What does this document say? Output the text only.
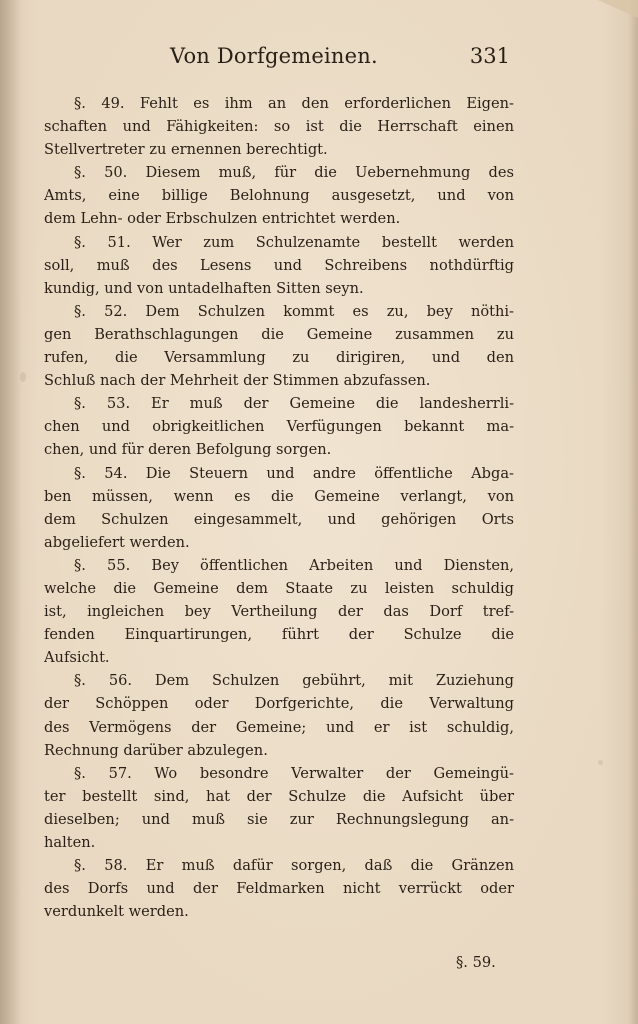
Von Dorfgemeinen.	331
§. 49. Fehlt es ihm an den erforderlichen Eigen-
schaften und Fähigkeiten: so ist die Herrschaft einen
Stellvertreter zu ernennen berechtigt.
§. 50. Diesem muß, für die Uebernehmung des
Amts, eine billige Belohnung ausgesetzt, und von
dem Lehn- oder Erbschulzen entrichtet werden.
§. 51. Wer zum Schulzenamte bestellt werden
soll, muß des Lesens und Schreibens nothdürftig
kundig, und von untadelhaften Sitten seyn.
§. 52. Dem Schulzen kommt es zu, bey nöthi-
gen Berathschlagungen die Gemeine zusammen zu
rufen, die Versammlung zu dirigiren, und den
Schluß nach der Mehrheit der Stimmen abzufassen.
§. 53. Er muß der Gemeine die landesherrli-
chen und obrigkeitlichen Verfügungen bekannt ma-
chen, und für deren Befolgung sorgen.
§. 54. Die Steuern und andre öffentliche Abga-
ben müssen, wenn es die Gemeine verlangt, von
dem Schulzen eingesammelt, und gehörigen Orts
abgeliefert werden.
§. 55. Bey öffentlichen Arbeiten und Diensten,
welche die Gemeine dem Staate zu leisten schuldig
ist, ingleichen bey Vertheilung der das Dorf tref-
fenden Einquartirungen, führt der Schulze die
Aufsicht.
§. 56. Dem Schulzen gebührt, mit Zuziehung
der Schöppen oder Dorfgerichte, die Verwaltung
des Vermögens der Gemeine; und er ist schuldig,
Rechnung darüber abzulegen.
§. 57. Wo besondre Verwalter der Gemeingü-
ter bestellt sind, hat der Schulze die Aufsicht über
dieselben; und muß sie zur Rechnungslegung an-
halten.
§. 58. Er muß dafür sorgen, daß die Gränzen
des Dorfs und der Feldmarken nicht verrückt oder
verdunkelt werden.
§. 59.
